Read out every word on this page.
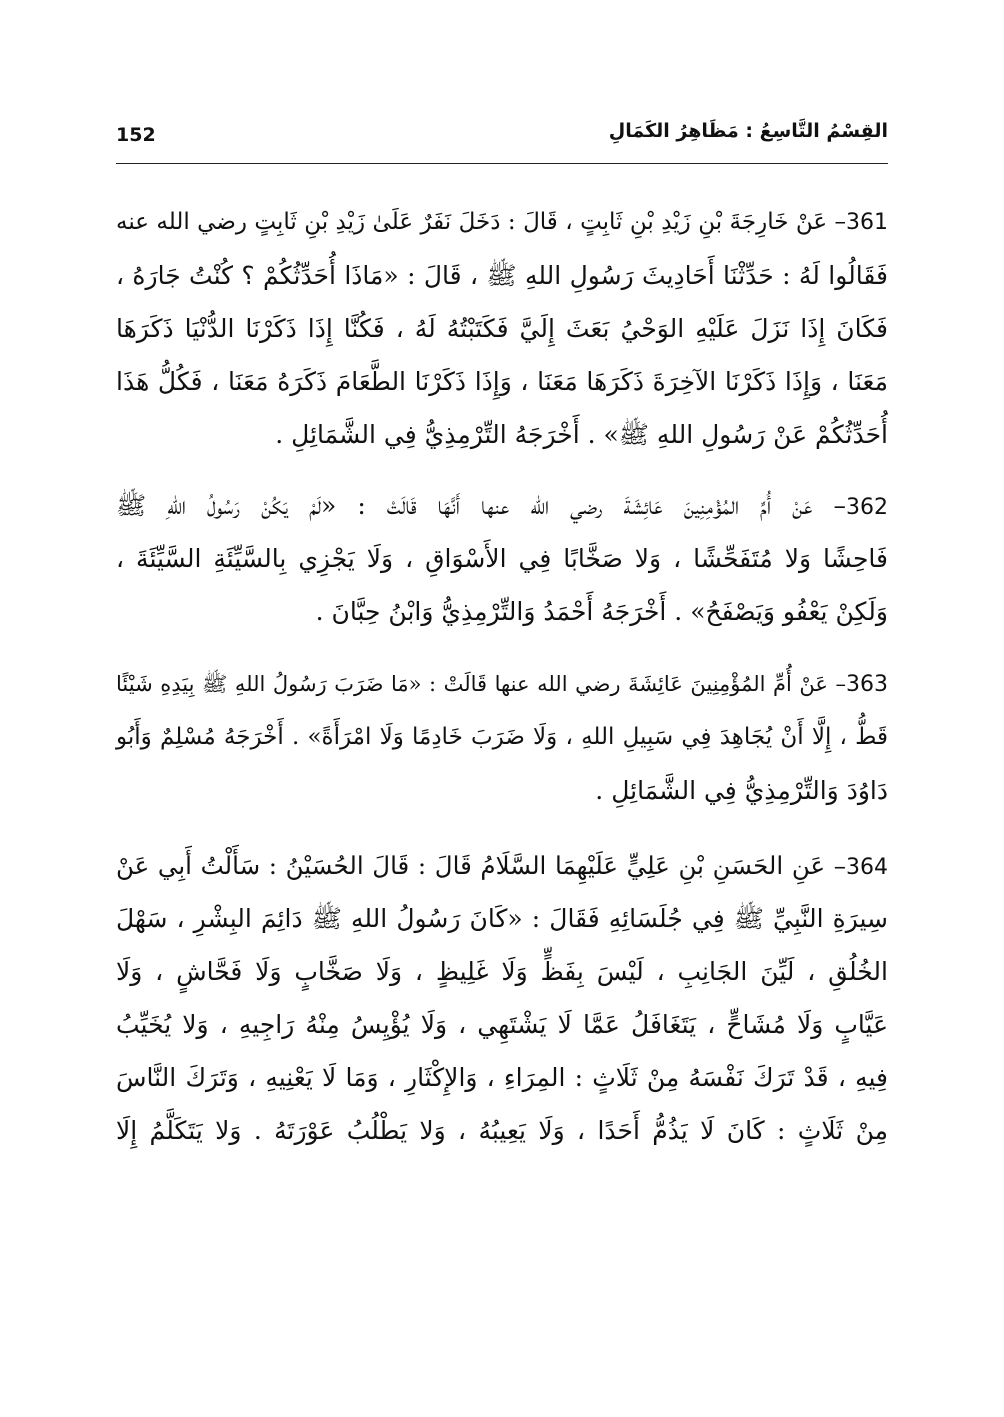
152	القِسْمُ التَّاسِعُ : مَظَاهِرُ الكَمَالِ
361– عَنْ خَارِجَةَ بْنِ زَيْدِ بْنِ ثَابِتٍ ، قَالَ : دَخَلَ نَفَرٌ عَلَىٰ زَيْدِ بْنِ ثَابِتٍ رضي الله عنه
فَقَالُوا لَهُ : حَدِّثْنَا أَحَادِيثَ رَسُولِ اللهِ ﷺ ، قَالَ : «مَاذَا أُحَدِّثُكُمْ ؟ كُنْتُ جَارَهُ ،
فَكَانَ إِذَا نَزَلَ عَلَيْهِ الوَحْيُ بَعَثَ إِلَيَّ فَكَتَبْتُهُ لَهُ ، فَكُنَّا إِذَا ذَكَرْنَا الدُّنْيَا ذَكَرَهَا
مَعَنَا ، وَإِذَا ذَكَرْنَا الآخِرَةَ ذَكَرَهَا مَعَنَا ، وَإِذَا ذَكَرْنَا الطَّعَامَ ذَكَرَهُ مَعَنَا ، فَكُلُّ هَذَا
أُحَدِّثُكُمْ عَنْ رَسُولِ اللهِ ﷺ» . أَخْرَجَهُ التِّرْمِذِيُّ فِي الشَّمَائِلِ .
362– عَنْ أُمِّ المُؤْمِنِينَ عَائِشَةَ رضي الله عنها أَنَّهَا قَالَتْ : «لَمْ يَكُنْ رَسُولُ اللهِ ﷺ
فَاحِشًا وَلا مُتَفَحِّشًا ، وَلا صَخَّابًا فِي الأَسْوَاقِ ، وَلَا يَجْزِي بِالسَّيِّئَةِ السَّيِّئَةَ ،
وَلَكِنْ يَعْفُو وَيَصْفَحُ» . أَخْرَجَهُ أَحْمَدُ وَالتِّرْمِذِيُّ وَابْنُ حِبَّانَ .
363– عَنْ أُمِّ المُؤْمِنِينَ عَائِشَةَ رضي الله عنها قَالَتْ : «مَا ضَرَبَ رَسُولُ اللهِ ﷺ بِيَدِهِ شَيْئًا
قَطُّ ، إِلَّا أَنْ يُجَاهِدَ فِي سَبِيلِ اللهِ ، وَلَا ضَرَبَ خَادِمًا وَلَا امْرَأَةً» . أَخْرَجَهُ مُسْلِمٌ وَأَبُو
دَاوُدَ وَالتِّرْمِذِيُّ فِي الشَّمَائِلِ .
364– عَنِ الحَسَنِ بْنِ عَلِيٍّ عَلَيْهِمَا السَّلَامُ قَالَ : قَالَ الحُسَيْنُ : سَأَلْتُ أَبِي عَنْ
سِيرَةِ النَّبِيِّ ﷺ فِي جُلَسَائِهِ فَقَالَ : «كَانَ رَسُولُ اللهِ ﷺ دَائِمَ البِشْرِ ، سَهْلَ
الخُلُقِ ، لَيِّنَ الجَانِبِ ، لَيْسَ بِفَظٍّ وَلَا غَلِيظٍ ، وَلَا صَخَّابٍ وَلَا فَحَّاشٍ ، وَلَا
عَيَّابٍ وَلَا مُشَاحٍّ ، يَتَغَافَلُ عَمَّا لَا يَشْتَهِي ، وَلَا يُؤْيِسُ مِنْهُ رَاجِيهِ ، وَلا يُخَيِّبُ
فِيهِ ، قَدْ تَرَكَ نَفْسَهُ مِنْ ثَلَاثٍ : المِرَاءِ ، وَالإِكْثَارِ ، وَمَا لَا يَعْنِيهِ ، وَتَرَكَ النَّاسَ
مِنْ ثَلَاثٍ : كَانَ لَا يَذُمُّ أَحَدًا ، وَلَا يَعِيبُهُ ، وَلا يَطْلُبُ عَوْرَتَهُ . وَلا يَتَكَلَّمُ إِلَا
